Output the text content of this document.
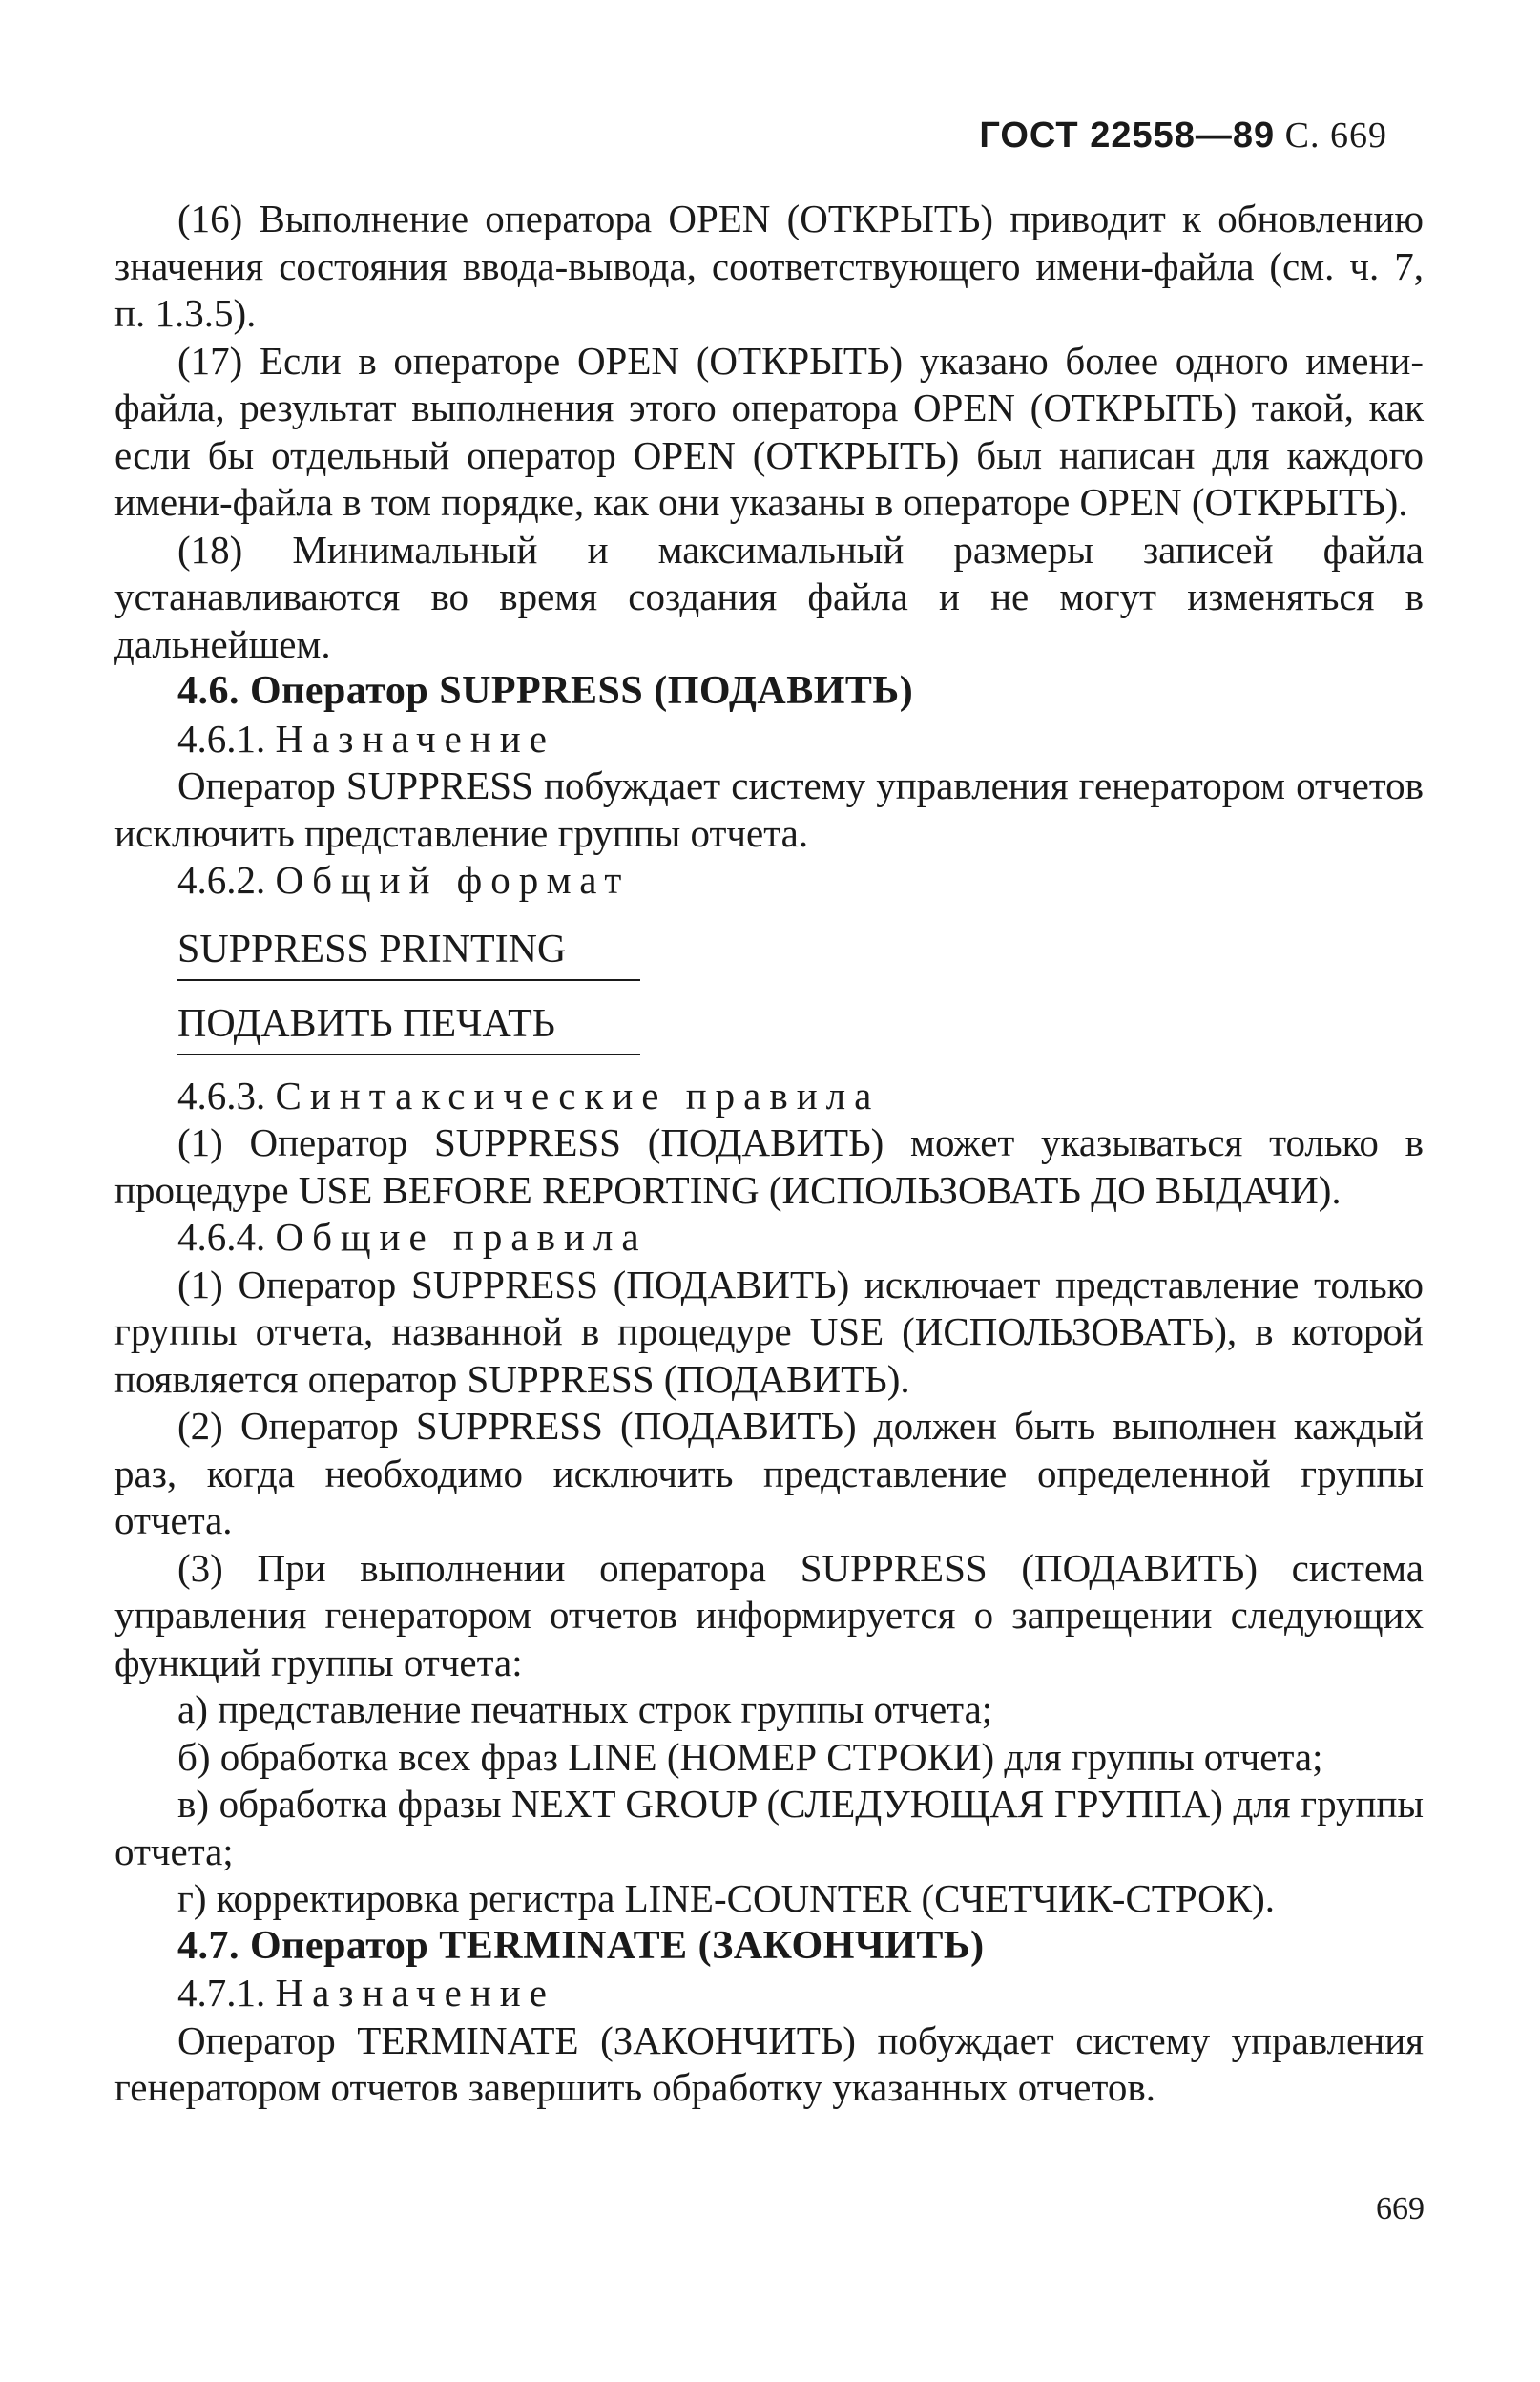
ГОСТ 22558—89 С. 669

(16) Выполнение оператора OPEN (ОТКРЫТЬ) приводит к обновлению значения состояния ввода-вывода, соответствующего имени-файла (см. ч. 7, п. 1.3.5).

(17) Если в операторе OPEN (ОТКРЫТЬ) указано более одного имени-файла, результат выполнения этого оператора OPEN (ОТКРЫТЬ) такой, как если бы отдельный оператор OPEN (ОТКРЫТЬ) был написан для каждого имени-файла в том порядке, как они указаны в операторе OPEN (ОТКРЫТЬ).

(18) Минимальный и максимальный размеры записей файла устанавливаются во время создания файла и не могут изменяться в дальнейшем.

4.6. Оператор SUPPRESS (ПОДАВИТЬ)

4.6.1. Назначение

Оператор SUPPRESS побуждает систему управления генератором отчетов исключить представление группы отчета.

4.6.2. Общий формат

SUPPRESS PRINTING
ПОДАВИТЬ ПЕЧАТЬ

4.6.3. Синтаксические правила

(1) Оператор SUPPRESS (ПОДАВИТЬ) может указываться только в процедуре USE BEFORE REPORTING (ИСПОЛЬЗОВАТЬ ДО ВЫДАЧИ).

4.6.4. Общие правила

(1) Оператор SUPPRESS (ПОДАВИТЬ) исключает представление только группы отчета, названной в процедуре USE (ИСПОЛЬЗОВАТЬ), в которой появляется оператор SUPPRESS (ПОДАВИТЬ).

(2) Оператор SUPPRESS (ПОДАВИТЬ) должен быть выполнен каждый раз, когда необходимо исключить представление определенной группы отчета.

(3) При выполнении оператора SUPPRESS (ПОДАВИТЬ) система управления генератором отчетов информируется о запрещении следующих функций группы отчета:

а) представление печатных строк группы отчета;

б) обработка всех фраз LINE (НОМЕР СТРОКИ) для группы отчета;

в) обработка фразы NEXT GROUP (СЛЕДУЮЩАЯ ГРУППА) для группы отчета;

г) корректировка регистра LINE-COUNTER (СЧЕТЧИК-СТРОК).

4.7. Оператор TERMINATE (ЗАКОНЧИТЬ)

4.7.1. Назначение

Оператор TERMINATE (ЗАКОНЧИТЬ) побуждает систему управления генератором отчетов завершить обработку указанных отчетов.

669
